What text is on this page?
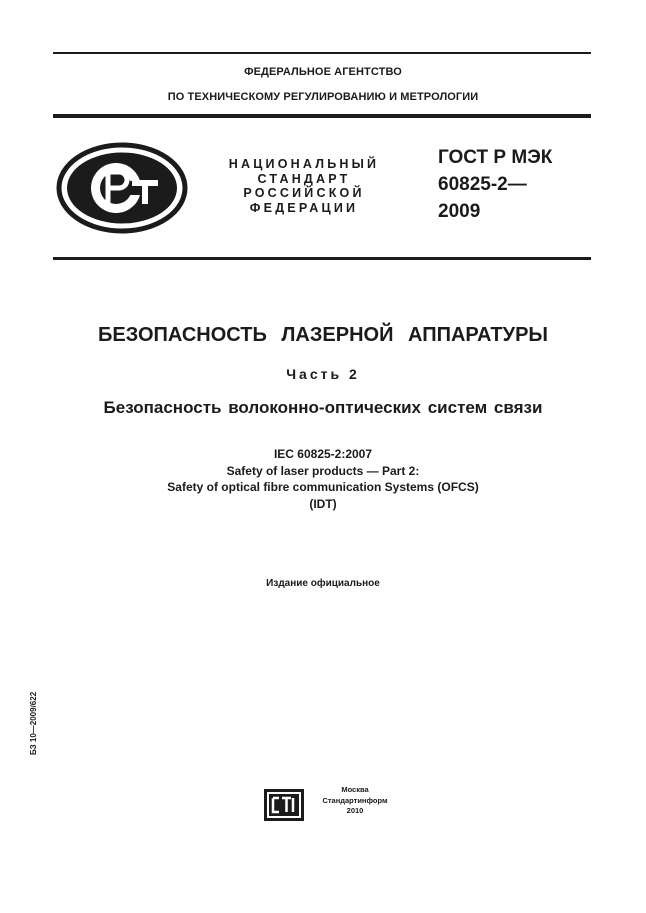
ФЕДЕРАЛЬНОЕ АГЕНТСТВО
ПО ТЕХНИЧЕСКОМУ РЕГУЛИРОВАНИЮ И МЕТРОЛОГИИ
НАЦИОНАЛЬНЫЙ
СТАНДАРТ
РОССИЙСКОЙ
ФЕДЕРАЦИИ
ГОСТ Р МЭК
60825-2—
2009
БЕЗОПАСНОСТЬ ЛАЗЕРНОЙ АППАРАТУРЫ
Часть 2
Безопасность волоконно-оптических систем связи
IEC 60825-2:2007
Safety of laser products — Part 2:
Safety of optical fibre communication Systems (OFCS)
(IDT)
Издание официальное
БЗ 10—2009/622
Москва
Стандартинформ
2010
